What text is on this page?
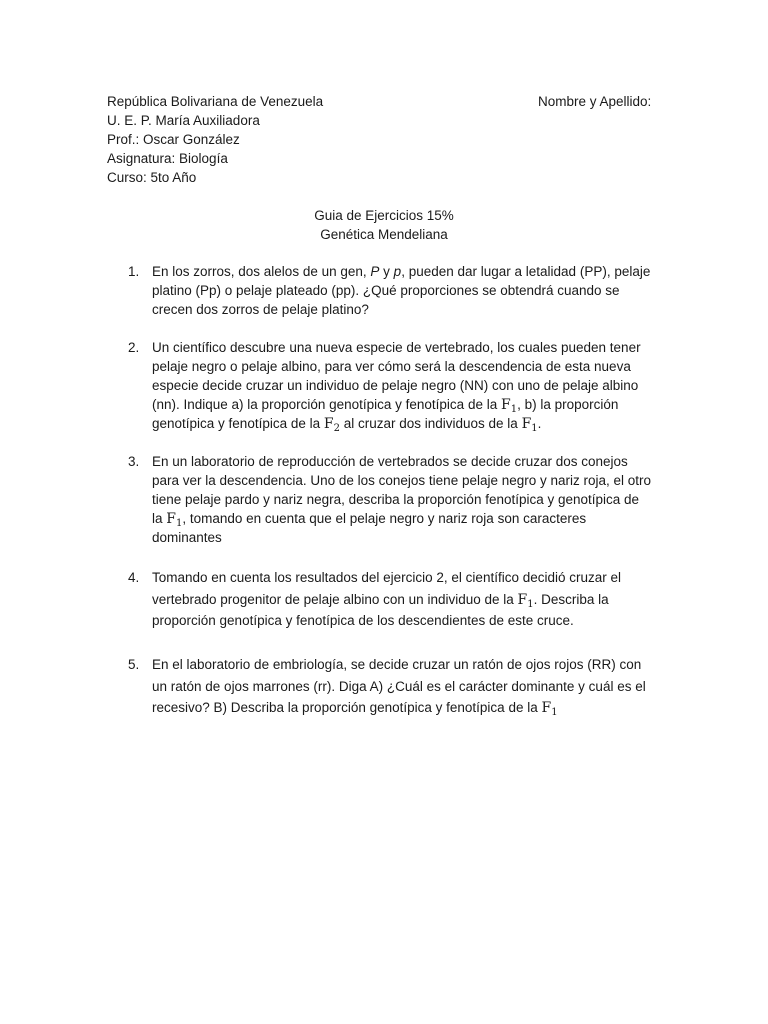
República Bolivariana de Venezuela
U. E. P. María Auxiliadora
Prof.: Oscar González
Asignatura: Biología
Curso: 5to Año
Nombre y Apellido:
Guia de Ejercicios 15%
Genética Mendeliana
1. En los zorros, dos alelos de un gen, P y p, pueden dar lugar a letalidad (PP), pelaje
platino (Pp) o pelaje plateado (pp). ¿Qué proporciones se obtendrá cuando se
crecen dos zorros de pelaje platino?
2. Un científico descubre una nueva especie de vertebrado, los cuales pueden tener
pelaje negro o pelaje albino, para ver cómo será la descendencia de esta nueva
especie decide cruzar un individuo de pelaje negro (NN) con uno de pelaje albino
(nn). Indique a) la proporción genotípica y fenotípica de la $F_1$, b) la proporción
genotípica y fenotípica de la $F_2$ al cruzar dos individuos de la $F_1$.
3. En un laboratorio de reproducción de vertebrados se decide cruzar dos conejos
para ver la descendencia. Uno de los conejos tiene pelaje negro y nariz roja, el otro
tiene pelaje pardo y nariz negra, describa la proporción fenotípica y genotípica de
la $F_1$, tomando en cuenta que el pelaje negro y nariz roja son caracteres
dominantes
4. Tomando en cuenta los resultados del ejercicio 2, el científico decidió cruzar el
vertebrado progenitor de pelaje albino con un individuo de la $F_1$. Describa la
proporción genotípica y fenotípica de los descendientes de este cruce.
5. En el laboratorio de embriología, se decide cruzar un ratón de ojos rojos (RR) con
un ratón de ojos marrones (rr). Diga A) ¿Cuál es el carácter dominante y cuál es el
recesivo? B) Describa la proporción genotípica y fenotípica de la $F_1$
